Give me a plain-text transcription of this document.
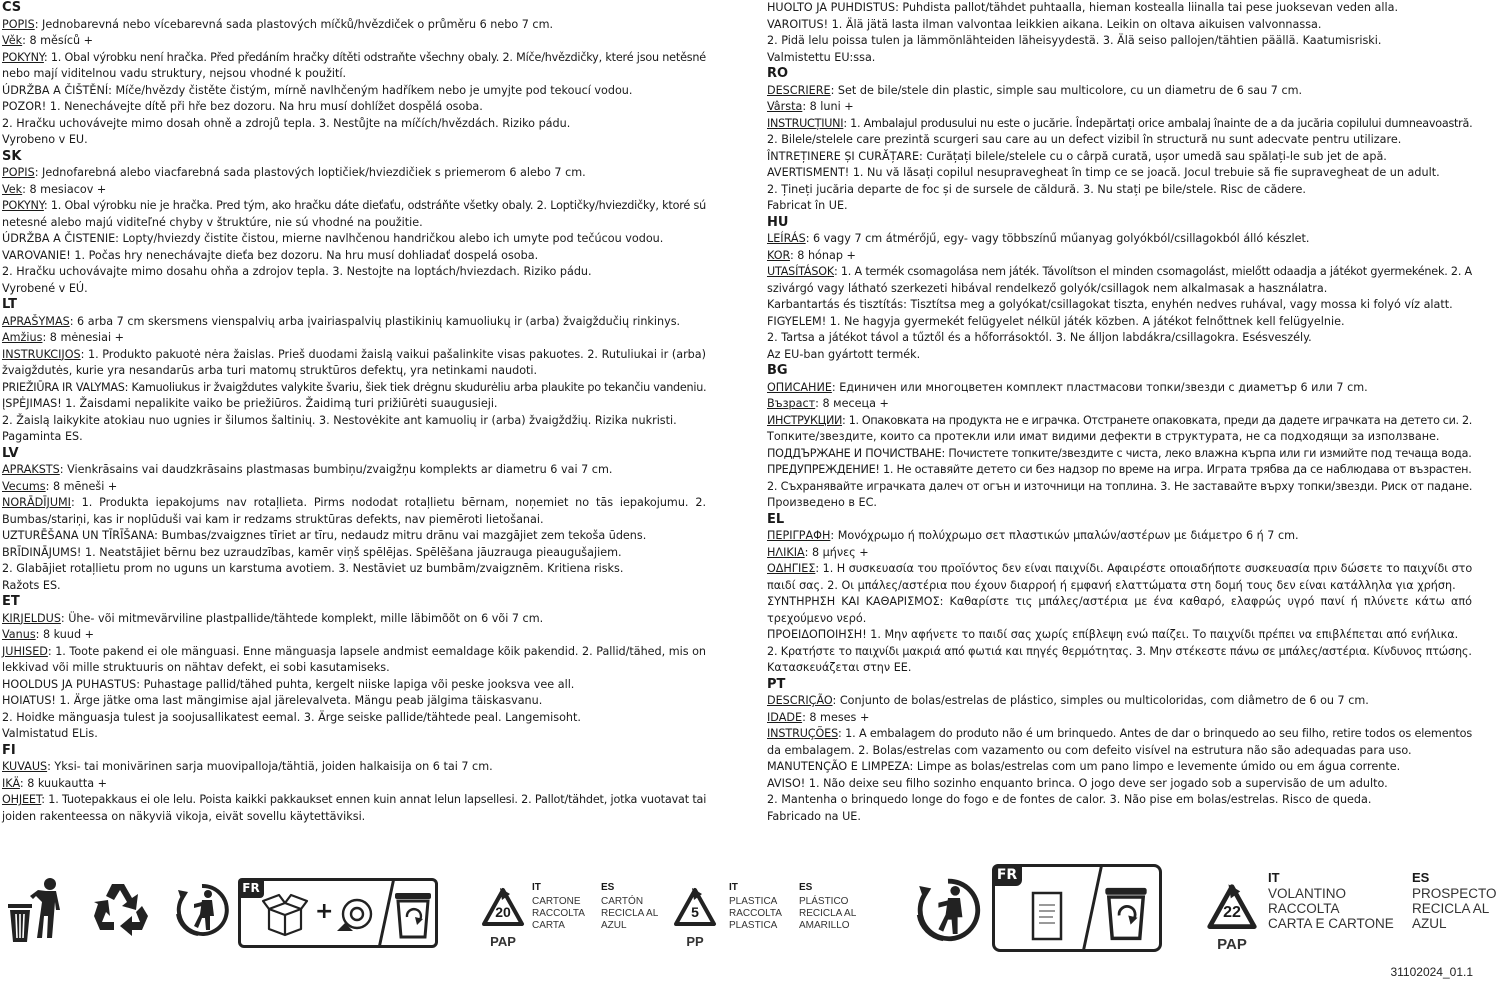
CS
POPIS: Jednobarevná nebo vícebarevná sada plastových míčků/hvězdiček o průměru 6 nebo 7 cm.
Věk: 8 měsíců +
POKYNY: 1. Obal výrobku není hračka. Před předáním hračky dítěti odstraňte všechny obaly. 2. Míče/hvězdičky, které jsou netěsné
nebo mají viditelnou vadu struktury, nejsou vhodné k použití.
ÚDRŽBA A ČIŠTĚNÍ: Míče/hvězdy čistěte čistým, mírně navlhčeným hadříkem nebo je umyjte pod tekoucí vodou.
POZOR! 1. Nenechávejte dítě při hře bez dozoru. Na hru musí dohlížet dospělá osoba.
2. Hračku uchovávejte mimo dosah ohně a zdrojů tepla. 3. Nestůjte na míčích/hvězdách. Riziko pádu.
Vyrobeno v EU.
SK
POPIS: Jednofarebná alebo viacfarebná sada plastových loptičiek/hviezdičiek s priemerom 6 alebo 7 cm.
Vek: 8 mesiacov +
POKYNY: 1. Obal výrobku nie je hračka. Pred tým, ako hračku dáte dieťaťu, odstráňte všetky obaly. 2. Loptičky/hviezdičky, ktoré sú
netesné alebo majú viditeľné chyby v štruktúre, nie sú vhodné na použitie.
ÚDRŽBA A ČISTENIE: Lopty/hviezdy čistite čistou, mierne navlhčenou handričkou alebo ich umyte pod tečúcou vodou.
VAROVANIE! 1. Počas hry nenechávajte dieťa bez dozoru. Na hru musí dohliadať dospelá osoba.
2. Hračku uchovávajte mimo dosahu ohňa a zdrojov tepla. 3. Nestojte na loptách/hviezdach. Riziko pádu.
Vyrobené v EÚ.
LT
APRAŠYMAS: 6 arba 7 cm skersmens vienspalvių arba įvairiaspalvių plastikinių kamuoliukų ir (arba) žvaigždučių rinkinys.
Amžius: 8 mėnesiai +
INSTRUKCIJOS: 1. Produkto pakuotė nėra žaislas. Prieš duodami žaislą vaikui pašalinkite visas pakuotes. 2. Rutuliukai ir (arba)
žvaigždutės, kurie yra nesandarūs arba turi matomų struktūros defektų, yra netinkami naudoti.
PRIEŽIŪRA IR VALYMAS: Kamuoliukus ir žvaigždutes valykite švariu, šiek tiek drėgnu skudurėliu arba plaukite po tekančiu vandeniu.
ĮSPĖJIMAS! 1. Žaisdami nepalikite vaiko be priežiūros. Žaidimą turi prižiūrėti suaugusieji.
2. Žaislą laikykite atokiau nuo ugnies ir šilumos šaltinių. 3. Nestovėkite ant kamuolių ir (arba) žvaigždžių. Rizika nukristi.
Pagaminta ES.
LV
APRAKSTS: Vienkrāsains vai daudzkrāsains plastmasas bumbiņu/zvaigžņu komplekts ar diametru 6 vai 7 cm.
Vecums: 8 mēneši +
NORĀDĪJUMI: 1. Produkta iepakojums nav rotaļlieta. Pirms nododat rotaļlietu bērnam, noņemiet no tās iepakojumu. 2.
Bumbas/stariņi, kas ir noplūduši vai kam ir redzams struktūras defekts, nav piemēroti lietošanai.
UZTURĒŠANA UN TĪRĪŠANA: Bumbas/zvaigznes tīriet ar tīru, nedaudz mitru drānu vai mazgājiet zem tekoša ūdens.
BRĪDINĀJUMS! 1. Neatstājiet bērnu bez uzraudzības, kamēr viņš spēlējas. Spēlēšana jāuzrauga pieaugušajiem.
2. Glabājiet rotaļlietu prom no uguns un karstuma avotiem. 3. Nestāviet uz bumbām/zvaigznēm. Kritiena risks.
Ražots ES.
ET
KIRJELDUS: Ühe- või mitmevärviline plastpallide/tähtede komplekt, mille läbimõõt on 6 või 7 cm.
Vanus: 8 kuud +
JUHISED: 1. Toote pakend ei ole mänguasi. Enne mänguasja lapsele andmist eemaldage kõik pakendid. 2. Pallid/tähed, mis on
lekkivad või mille struktuuris on nähtav defekt, ei sobi kasutamiseks.
HOOLDUS JA PUHASTUS: Puhastage pallid/tähed puhta, kergelt niiske lapiga või peske jooksva vee all.
HOIATUS! 1. Ärge jätke oma last mängimise ajal järelevalveta. Mängu peab jälgima täiskasvanu.
2. Hoidke mänguasja tulest ja soojusallikatest eemal. 3. Ärge seiske pallide/tähtede peal. Langemisoht.
Valmistatud ELis.
FI
KUVAUS: Yksi- tai monivärinen sarja muovipalloja/tähtiä, joiden halkaisija on 6 tai 7 cm.
IKÄ: 8 kuukautta +
OHJEET: 1. Tuotepakkaus ei ole lelu. Poista kaikki pakkaukset ennen kuin annat lelun lapsellesi. 2. Pallot/tähdet, jotka vuotavat tai
joiden rakenteessa on näkyviä vikoja, eivät sovellu käytettäviksi.
HUOLTO JA PUHDISTUS: Puhdista pallot/tähdet puhtaalla, hieman kostealla liinalla tai pese juoksevan veden alla.
VAROITUS! 1. Älä jätä lasta ilman valvontaa leikkien aikana. Leikin on oltava aikuisen valvonnassa.
2. Pidä lelu poissa tulen ja lämmönlähteiden läheisyydestä. 3. Älä seiso pallojen/tähtien päällä. Kaatumisriski.
Valmistettu EU:ssa.
RO
DESCRIERE: Set de bile/stele din plastic, simple sau multicolore, cu un diametru de 6 sau 7 cm.
Vârsta: 8 luni +
INSTRUCȚIUNI: 1. Ambalajul produsului nu este o jucărie. Îndepărtați orice ambalaj înainte de a da jucăria copilului dumneavoastră.
2. Bilele/stelele care prezintă scurgeri sau care au un defect vizibil în structură nu sunt adecvate pentru utilizare.
ÎNTREȚINERE ȘI CURĂȚARE: Curățați bilele/stelele cu o cârpă curată, ușor umedă sau spălați-le sub jet de apă.
AVERTISMENT! 1. Nu vă lăsați copilul nesupravegheat în timp ce se joacă. Jocul trebuie să fie supravegheat de un adult.
2. Țineți jucăria departe de foc și de sursele de căldură. 3. Nu stați pe bile/stele. Risc de cădere.
Fabricat în UE.
HU
LEÍRÁS: 6 vagy 7 cm átmérőjű, egy- vagy többszínű műanyag golyókból/csillagokból álló készlet.
KOR: 8 hónap +
UTASÍTÁSOK: 1. A termék csomagolása nem játék. Távolítson el minden csomagolást, mielőtt odaadja a játékot gyermekének. 2. A
szivárgó vagy látható szerkezeti hibával rendelkező golyók/csillagok nem alkalmasak a használatra.
Karbantartás és tisztítás: Tisztítsa meg a golyókat/csillagokat tiszta, enyhén nedves ruhával, vagy mossa ki folyó víz alatt.
FIGYELEM! 1. Ne hagyja gyermekét felügyelet nélkül játék közben. A játékot felnőttnek kell felügyelnie.
2. Tartsa a játékot távol a tűztől és a hőforrásoktól. 3. Ne álljon labdákra/csillagokra. Esésveszély.
Az EU-ban gyártott termék.
BG
ОПИСАНИЕ: Единичен или многоцветен комплект пластмасови топки/звезди с диаметър 6 или 7 cm.
Възраст: 8 месеца +
ИНСТРУКЦИИ: 1. Опаковката на продукта не е играчка. Отстранете опаковката, преди да дадете играчката на детето си. 2.
Топките/звездите, които са протекли или имат видими дефекти в структурата, не са подходящи за използване.
ПОДДЪРЖАНЕ И ПОЧИСТВАНЕ: Почистете топките/звездите с чиста, леко влажна кърпа или ги измийте под течаща вода.
ПРЕДУПРЕЖДЕНИЕ! 1. Не оставяйте детето си без надзор по време на игра. Играта трябва да се наблюдава от възрастен.
2. Съхранявайте играчката далеч от огън и източници на топлина. 3. Не заставайте върху топки/звезди. Риск от падане.
Произведено в ЕС.
EL
ΠΕΡΙΓΡΑΦΗ: Μονόχρωμο ή πολύχρωμο σετ πλαστικών μπαλών/αστέρων με διάμετρο 6 ή 7 cm.
ΗΛΙΚΙΑ: 8 μήνες +
ΟΔΗΓΙΕΣ: 1. Η συσκευασία του προϊόντος δεν είναι παιχνίδι. Αφαιρέστε οποιαδήποτε συσκευασία πριν δώσετε το παιχνίδι στο
παιδί σας. 2. Οι μπάλες/αστέρια που έχουν διαρροή ή εμφανή ελαττώματα στη δομή τους δεν είναι κατάλληλα για χρήση.
ΣΥΝΤΗΡΗΣΗ ΚΑΙ ΚΑΘΑΡΙΣΜΟΣ: Καθαρίστε τις μπάλες/αστέρια με ένα καθαρό, ελαφρώς υγρό πανί ή πλύνετε κάτω από
τρεχούμενο νερό.
ΠΡΟΕΙΔΟΠΟΙΗΣΗ! 1. Μην αφήνετε το παιδί σας χωρίς επίβλεψη ενώ παίζει. Το παιχνίδι πρέπει να επιβλέπεται από ενήλικα.
2. Κρατήστε το παιχνίδι μακριά από φωτιά και πηγές θερμότητας. 3. Μην στέκεστε πάνω σε μπάλες/αστέρια. Κίνδυνος πτώσης.
Κατασκευάζεται στην ΕΕ.
PT
DESCRIÇÃO: Conjunto de bolas/estrelas de plástico, simples ou multicoloridas, com diâmetro de 6 ou 7 cm.
IDADE: 8 meses +
INSTRUÇÕES: 1. A embalagem do produto não é um brinquedo. Antes de dar o brinquedo ao seu filho, retire todos os elementos
da embalagem. 2. Bolas/estrelas com vazamento ou com defeito visível na estrutura não são adequadas para uso.
MANUTENÇÃO E LIMPEZA: Limpe as bolas/estrelas com um pano limpo e levemente úmido ou em água corrente.
AVISO! 1. Não deixe seu filho sozinho enquanto brinca. O jogo deve ser jogado sob a supervisão de um adulto.
2. Mantenha o brinquedo longe do fogo e de fontes de calor. 3. Não pise em bolas/estrelas. Risco de queda.
Fabricado na UE.
FR
+	20
PAP
IT
CARTONE
RACCOLTA
CARTA
ES
CARTÓN
RECICLA AL
AZUL
5
PP
IT
PLASTICA
RACCOLTA
PLASTICA
ES
PLÁSTICO
RECICLA AL
AMARILLO
FR
22
PAP
IT
VOLANTINO
RACCOLTA
CARTA E CARTONE
ES
PROSPECTO
RECICLA AL
AZUL
31102024_01.1
